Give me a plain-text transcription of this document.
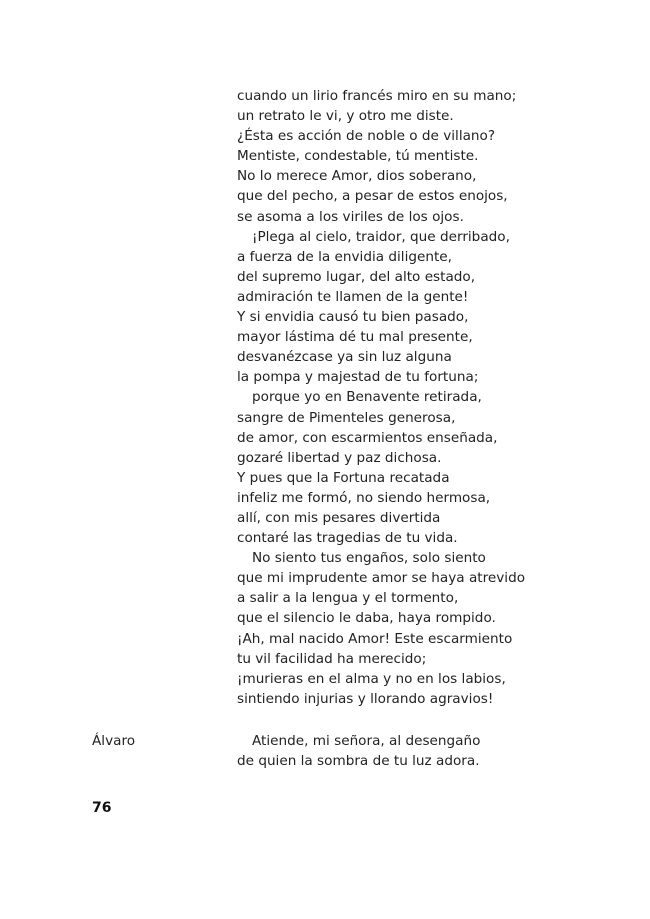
cuando un lirio francés miro en su mano;
un retrato le vi, y otro me diste.
¿Ésta es acción de noble o de villano?
Mentiste, condestable, tú mentiste.
No lo merece Amor, dios soberano,
que del pecho, a pesar de estos enojos,
se asoma a los viriles de los ojos.
¡Plega al cielo, traidor, que derribado,
a fuerza de la envidia diligente,
del supremo lugar, del alto estado,
admiración te llamen de la gente!
Y si envidia causó tu bien pasado,
mayor lástima dé tu mal presente,
desvanézcase ya sin luz alguna
la pompa y majestad de tu fortuna;
porque yo en Benavente retirada,
sangre de Pimenteles generosa,
de amor, con escarmientos enseñada,
gozaré libertad y paz dichosa.
Y pues que la Fortuna recatada
infeliz me formó, no siendo hermosa,
allí, con mis pesares divertida
contaré las tragedias de tu vida.
No siento tus engaños, solo siento
que mi imprudente amor se haya atrevido
a salir a la lengua y el tormento,
que el silencio le daba, haya rompido.
¡Ah, mal nacido Amor! Este escarmiento
tu vil facilidad ha merecido;
¡murieras en el alma y no en los labios,
sintiendo injurias y llorando agravios!
Álvaro	Atiende, mi señora, al desengaño
de quien la sombra de tu luz adora.
76
